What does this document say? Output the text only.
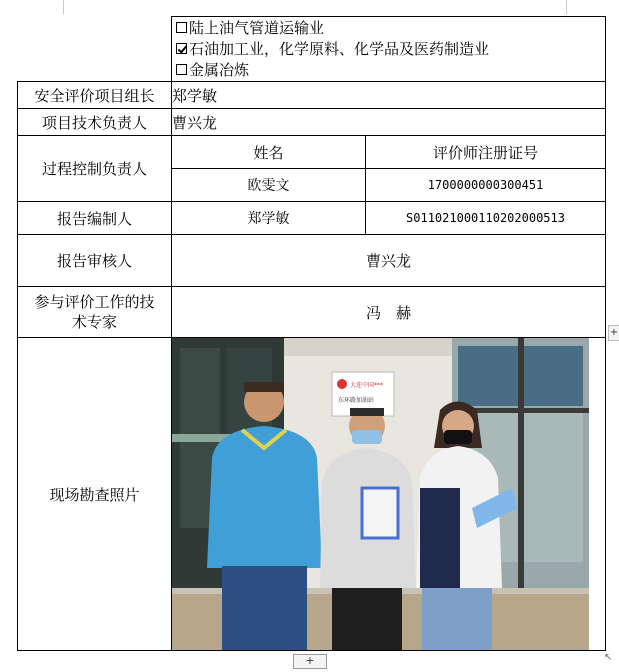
	陆上油气管道运输业
石油加工业，化学原料、化学品及医药制造业
金属冶炼	

安全评价项目组长	郑学敏	
项目技术负责人	曹兴龙	
过程控制负责人	姓名	评价师注册证号
	欧雯文	1700000000300451
报告编制人	郑学敏	S011021000110202000513
报告审核人	曹兴龙	

参与评价工作的技术专家	冯　赫	
现场勘查照片	大连中国***
东环路加油站	
+
+	↖
